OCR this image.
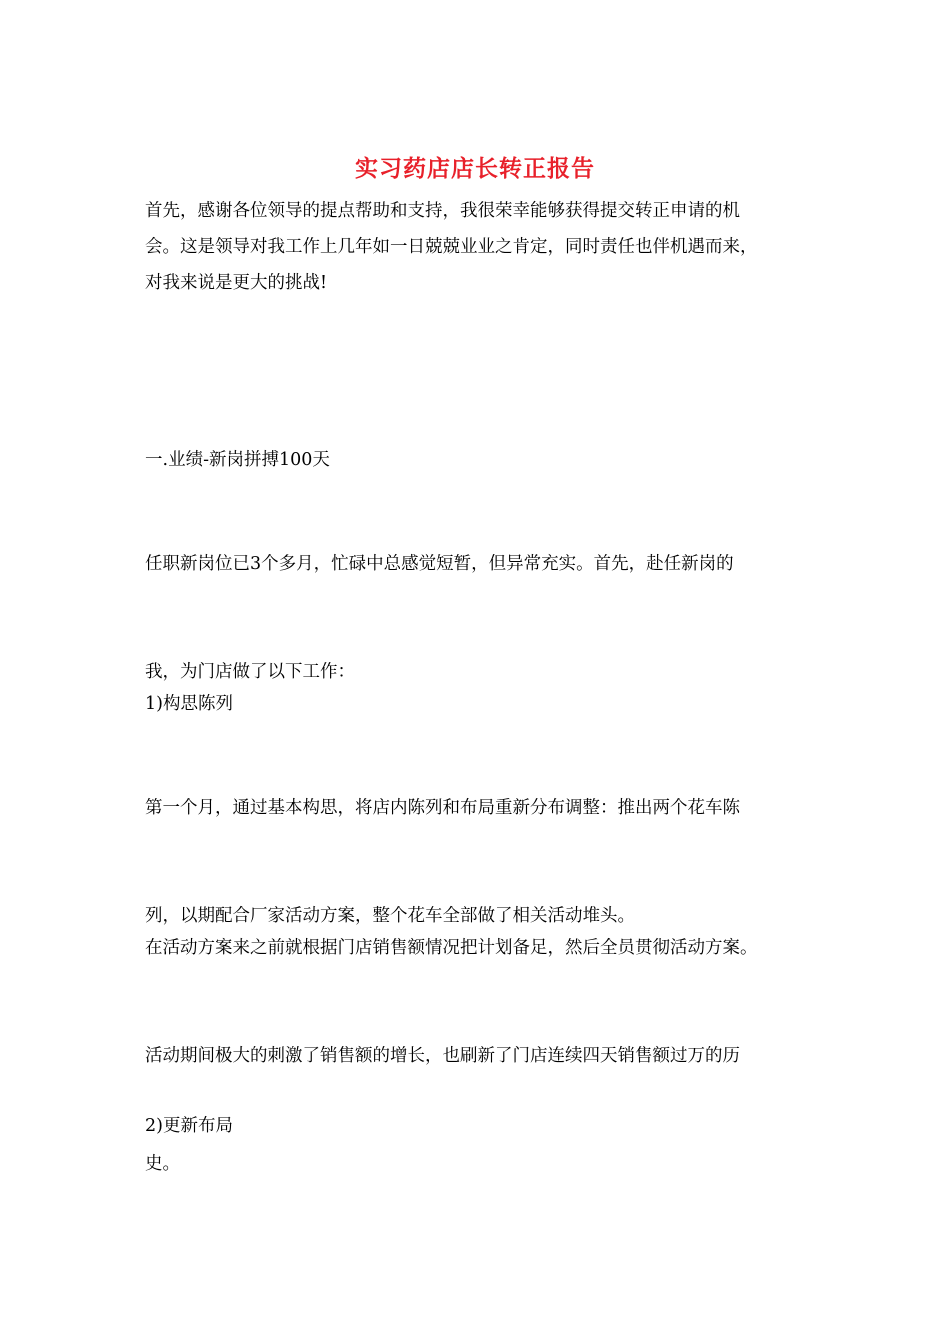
实习药店店长转正报告

首先，感谢各位领导的提点帮助和支持，我很荣幸能够获得提交转正申请的机
会。这是领导对我工作上几年如一日兢兢业业之肯定，同时责任也伴机遇而来，
对我来说是更大的挑战!

一.业绩-新岗拼搏100天

任职新岗位已3个多月，忙碌中总感觉短暂，但异常充实。首先，赴任新岗的

我，为门店做了以下工作：

1)构思陈列

第一个月，通过基本构思，将店内陈列和布局重新分布调整：推出两个花车陈

列，以期配合厂家活动方案，整个花车全部做了相关活动堆头。

在活动方案来之前就根据门店销售额情况把计划备足，然后全员贯彻活动方案。

活动期间极大的刺激了销售额的增长，也刷新了门店连续四天销售额过万的历

史。

2)更新布局
